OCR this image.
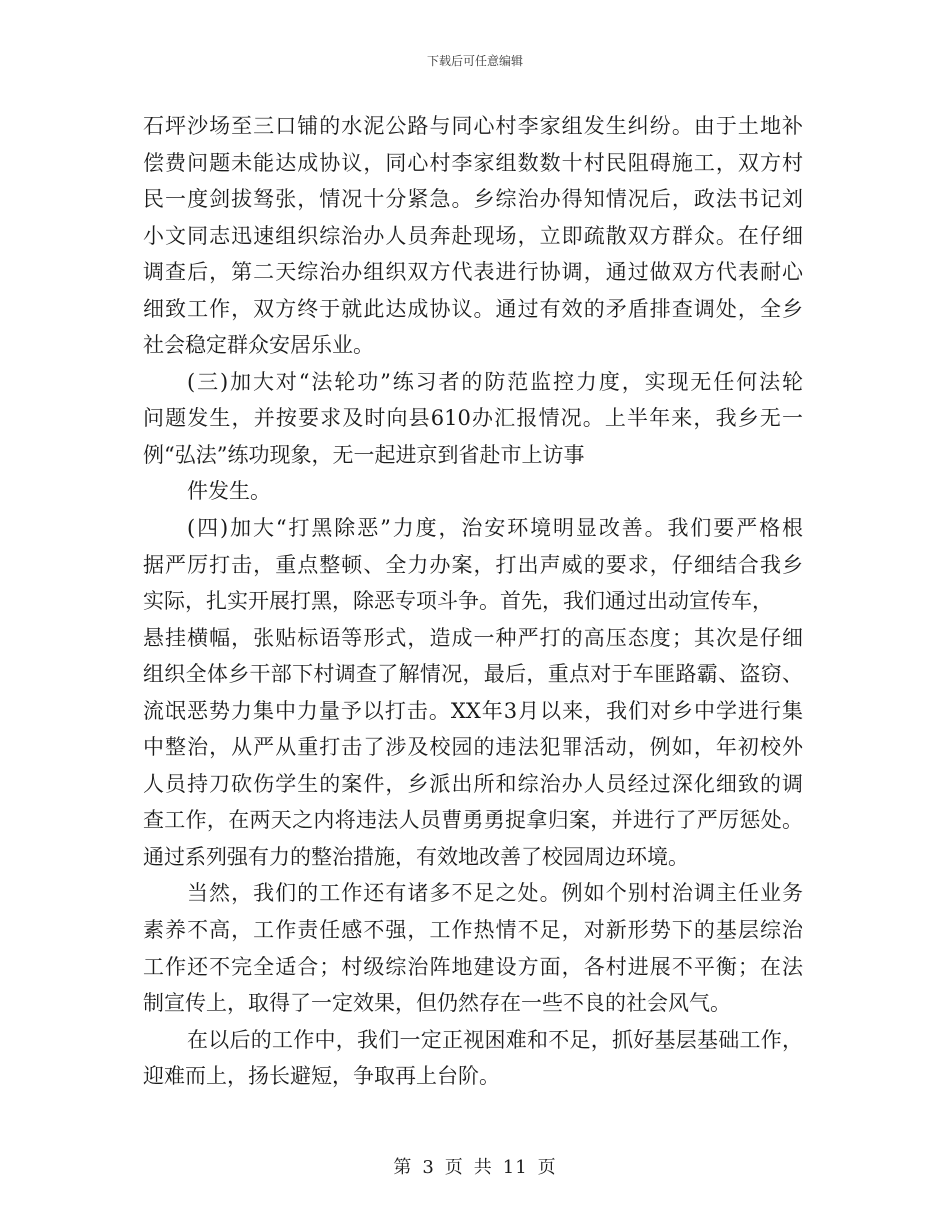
下载后可任意编辑
石坪沙场至三口铺的水泥公路与同心村李家组发生纠纷。由于土地补
偿费问题未能达成协议，同心村李家组数数十村民阻碍施工，双方村
民一度剑拔驽张，情况十分紧急。乡综治办得知情况后，政法书记刘
小文同志迅速组织综治办人员奔赴现场，立即疏散双方群众。在仔细
调查后，第二天综治办组织双方代表进行协调，通过做双方代表耐心
细致工作，双方终于就此达成协议。通过有效的矛盾排查调处，全乡
社会稳定群众安居乐业。
(三)加大对“法轮功”练习者的防范监控力度，实现无任何法轮
问题发生，并按要求及时向县610办汇报情况。上半年来，我乡无一
例“弘法”练功现象，无一起进京到省赴市上访事
件发生。
(四)加大“打黑除恶”力度，治安环境明显改善。我们要严格根
据严厉打击，重点整顿、全力办案，打出声威的要求，仔细结合我乡
实际，扎实开展打黑，除恶专项斗争。首先，我们通过出动宣传车，
悬挂横幅，张贴标语等形式，造成一种严打的高压态度；其次是仔细
组织全体乡干部下村调查了解情况，最后，重点对于车匪路霸、盗窃、
流氓恶势力集中力量予以打击。XX年3月以来，我们对乡中学进行集
中整治，从严从重打击了涉及校园的违法犯罪活动，例如，年初校外
人员持刀砍伤学生的案件，乡派出所和综治办人员经过深化细致的调
查工作，在两天之内将违法人员曹勇勇捉拿归案，并进行了严厉惩处。
通过系列强有力的整治措施，有效地改善了校园周边环境。
当然，我们的工作还有诸多不足之处。例如个别村治调主任业务
素养不高，工作责任感不强，工作热情不足，对新形势下的基层综治
工作还不完全适合；村级综治阵地建设方面，各村进展不平衡；在法
制宣传上，取得了一定效果，但仍然存在一些不良的社会风气。
在以后的工作中，我们一定正视困难和不足，抓好基层基础工作，
迎难而上，扬长避短，争取再上台阶。
第 3 页 共 11 页
